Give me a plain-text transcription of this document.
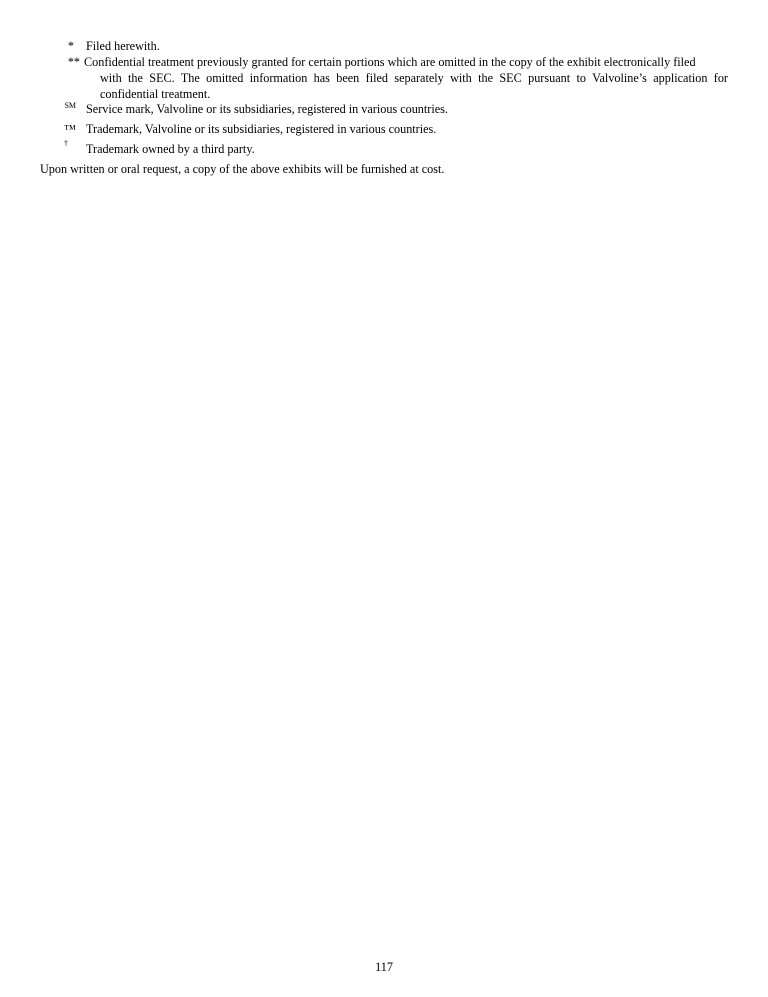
* Filed herewith.
** Confidential treatment previously granted for certain portions which are omitted in the copy of the exhibit electronically filed
with the SEC. The omitted information has been filed separately with the SEC pursuant to Valvoline’s application for confidential treatment.
SM Service mark, Valvoline or its subsidiaries, registered in various countries.
™ Trademark, Valvoline or its subsidiaries, registered in various countries.
† Trademark owned by a third party.

Upon written or oral request, a copy of the above exhibits will be furnished at cost.

117
